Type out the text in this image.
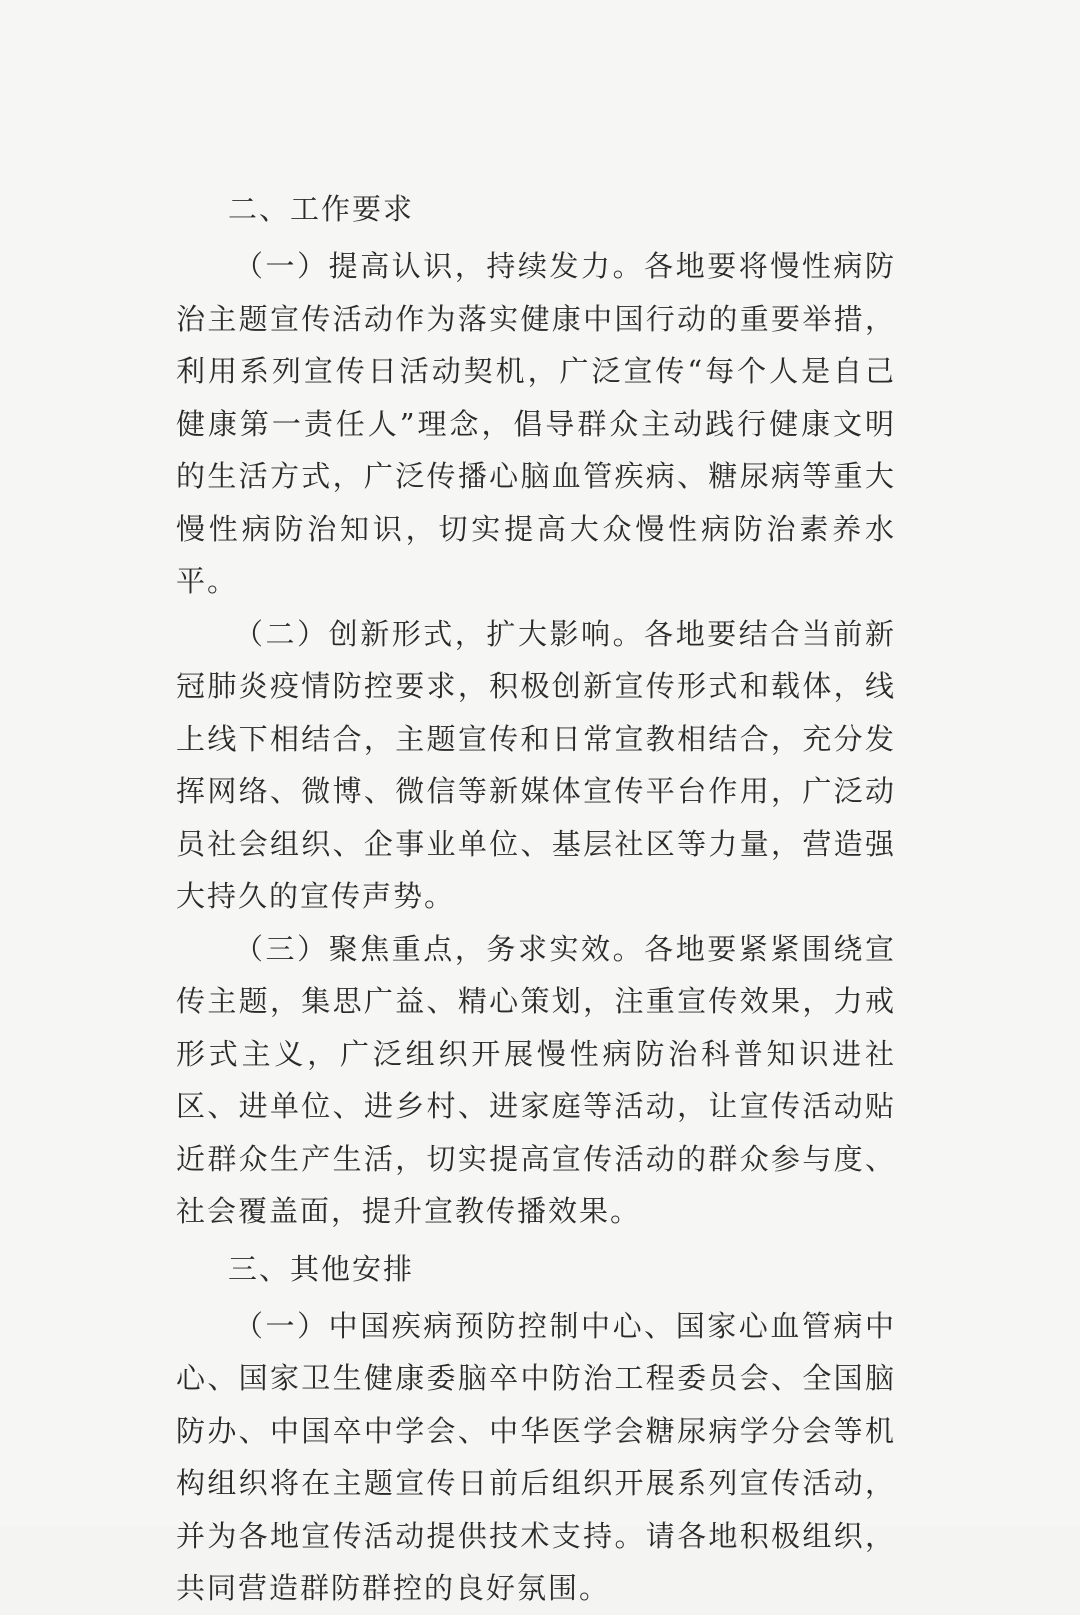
二、工作要求

（一）提高认识，持续发力。各地要将慢性病防治主题宣传活动作为落实健康中国行动的重要举措，利用系列宣传日活动契机，广泛宣传“每个人是自己健康第一责任人”理念，倡导群众主动践行健康文明的生活方式，广泛传播心脑血管疾病、糖尿病等重大慢性病防治知识，切实提高大众慢性病防治素养水平。

（二）创新形式，扩大影响。各地要结合当前新冠肺炎疫情防控要求，积极创新宣传形式和载体，线上线下相结合，主题宣传和日常宣教相结合，充分发挥网络、微博、微信等新媒体宣传平台作用，广泛动员社会组织、企事业单位、基层社区等力量，营造强大持久的宣传声势。

（三）聚焦重点，务求实效。各地要紧紧围绕宣传主题，集思广益、精心策划，注重宣传效果，力戒形式主义，广泛组织开展慢性病防治科普知识进社区、进单位、进乡村、进家庭等活动，让宣传活动贴近群众生产生活，切实提高宣传活动的群众参与度、社会覆盖面，提升宣教传播效果。

三、其他安排

（一）中国疾病预防控制中心、国家心血管病中心、国家卫生健康委脑卒中防治工程委员会、全国脑防办、中国卒中学会、中华医学会糖尿病学分会等机构组织将在主题宣传日前后组织开展系列宣传活动，并为各地宣传活动提供技术支持。请各地积极组织，共同营造群防群控的良好氛围。
